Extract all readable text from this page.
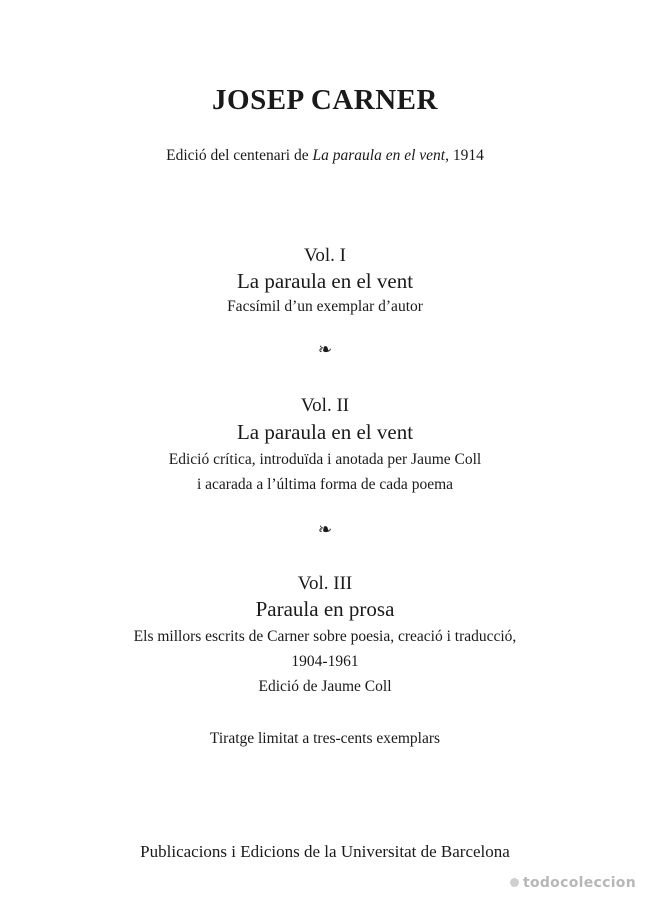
JOSEP CARNER
Edició del centenari de La paraula en el vent, 1914
Vol. I
La paraula en el vent
Facsímil d’un exemplar d’autor
❧
Vol. II
La paraula en el vent
Edició crítica, introduïda i anotada per Jaume Coll
i acarada a l’última forma de cada poema
❧
Vol. III
Paraula en prosa
Els millors escrits de Carner sobre poesia, creació i traducció,
1904-1961
Edició de Jaume Coll
Tiratge limitat a tres-cents exemplars
Publicacions i Edicions de la Universitat de Barcelona
todocoleccion
